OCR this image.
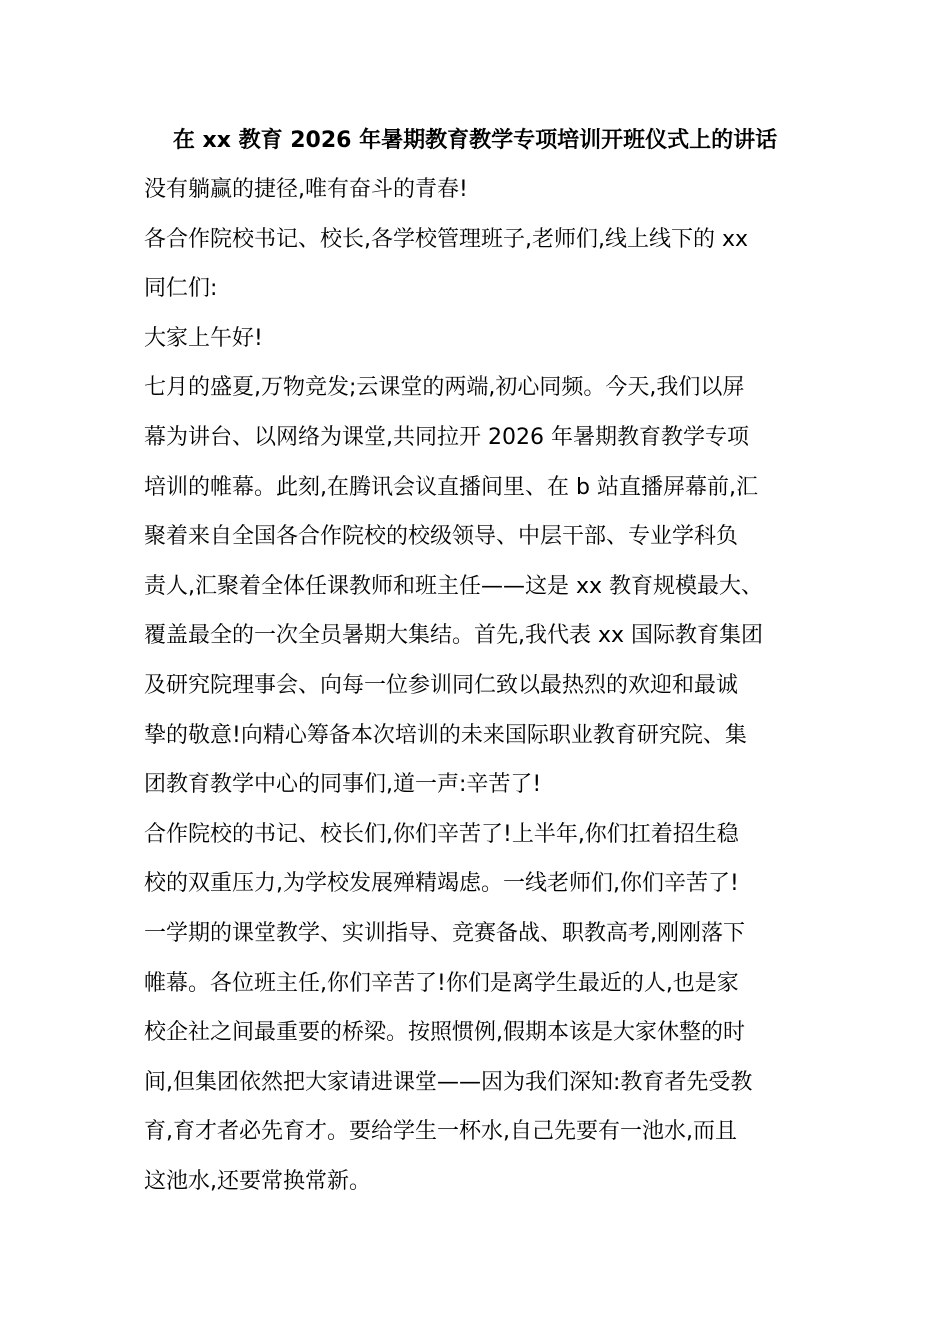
在 xx 教育 2026 年暑期教育教学专项培训开班仪式上的讲话
没有躺赢的捷径,唯有奋斗的青春!
各合作院校书记、校长,各学校管理班子,老师们,线上线下的 xx
同仁们:
大家上午好!
七月的盛夏,万物竞发;云课堂的两端,初心同频。今天,我们以屏
幕为讲台、以网络为课堂,共同拉开 2026 年暑期教育教学专项
培训的帷幕。此刻,在腾讯会议直播间里、在 b 站直播屏幕前,汇
聚着来自全国各合作院校的校级领导、中层干部、专业学科负
责人,汇聚着全体任课教师和班主任——这是 xx 教育规模最大、
覆盖最全的一次全员暑期大集结。首先,我代表 xx 国际教育集团
及研究院理事会、向每一位参训同仁致以最热烈的欢迎和最诚
挚的敬意!向精心筹备本次培训的未来国际职业教育研究院、集
团教育教学中心的同事们,道一声:辛苦了!
合作院校的书记、校长们,你们辛苦了!上半年,你们扛着招生稳
校的双重压力,为学校发展殚精竭虑。一线老师们,你们辛苦了!
一学期的课堂教学、实训指导、竞赛备战、职教高考,刚刚落下
帷幕。各位班主任,你们辛苦了!你们是离学生最近的人,也是家
校企社之间最重要的桥梁。按照惯例,假期本该是大家休整的时
间,但集团依然把大家请进课堂——因为我们深知:教育者先受教
育,育才者必先育才。要给学生一杯水,自己先要有一池水,而且
这池水,还要常换常新。
